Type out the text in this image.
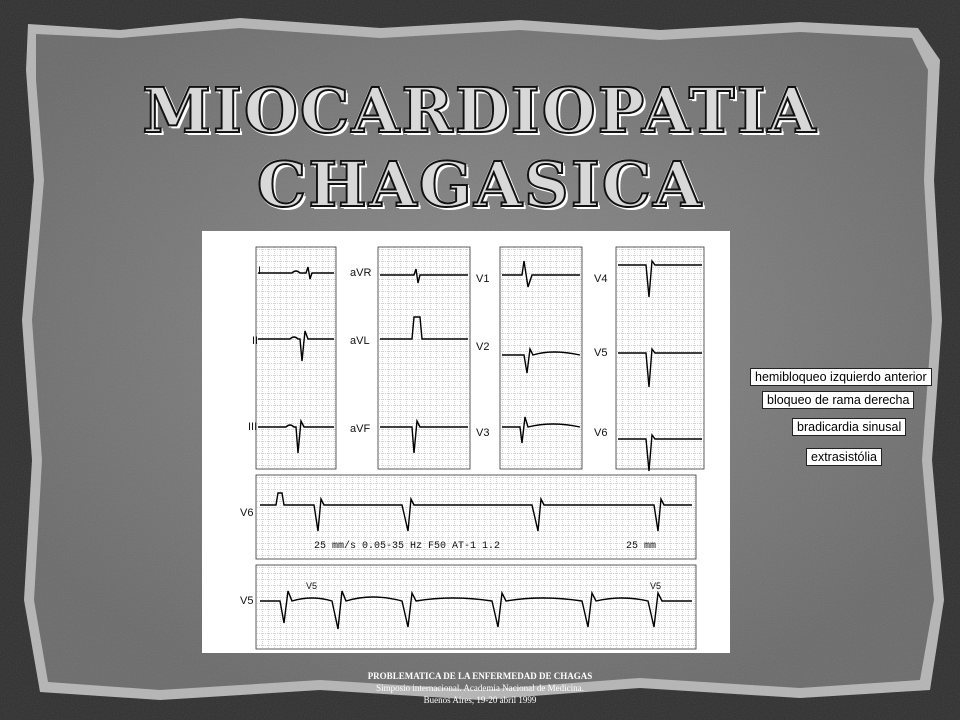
MIOCARDIOPATIA
CHAGASICA
I
II
III
aVR
aVL
aVF
V1
V2
V3
V4
V5
V6
V6
V5
V5	V5
25 mm/s 0.05-35 Hz F50 AT-1 1.2	25 mm
hemibloqueo izquierdo anterior
bloqueo de rama derecha
bradicardia sinusal
extrasistólia
PROBLEMATICA DE LA ENFERMEDAD DE CHAGAS
Simposio internacional. Academia Nacional de Medicina.
Buenos Aires, 19-20 abril 1999
